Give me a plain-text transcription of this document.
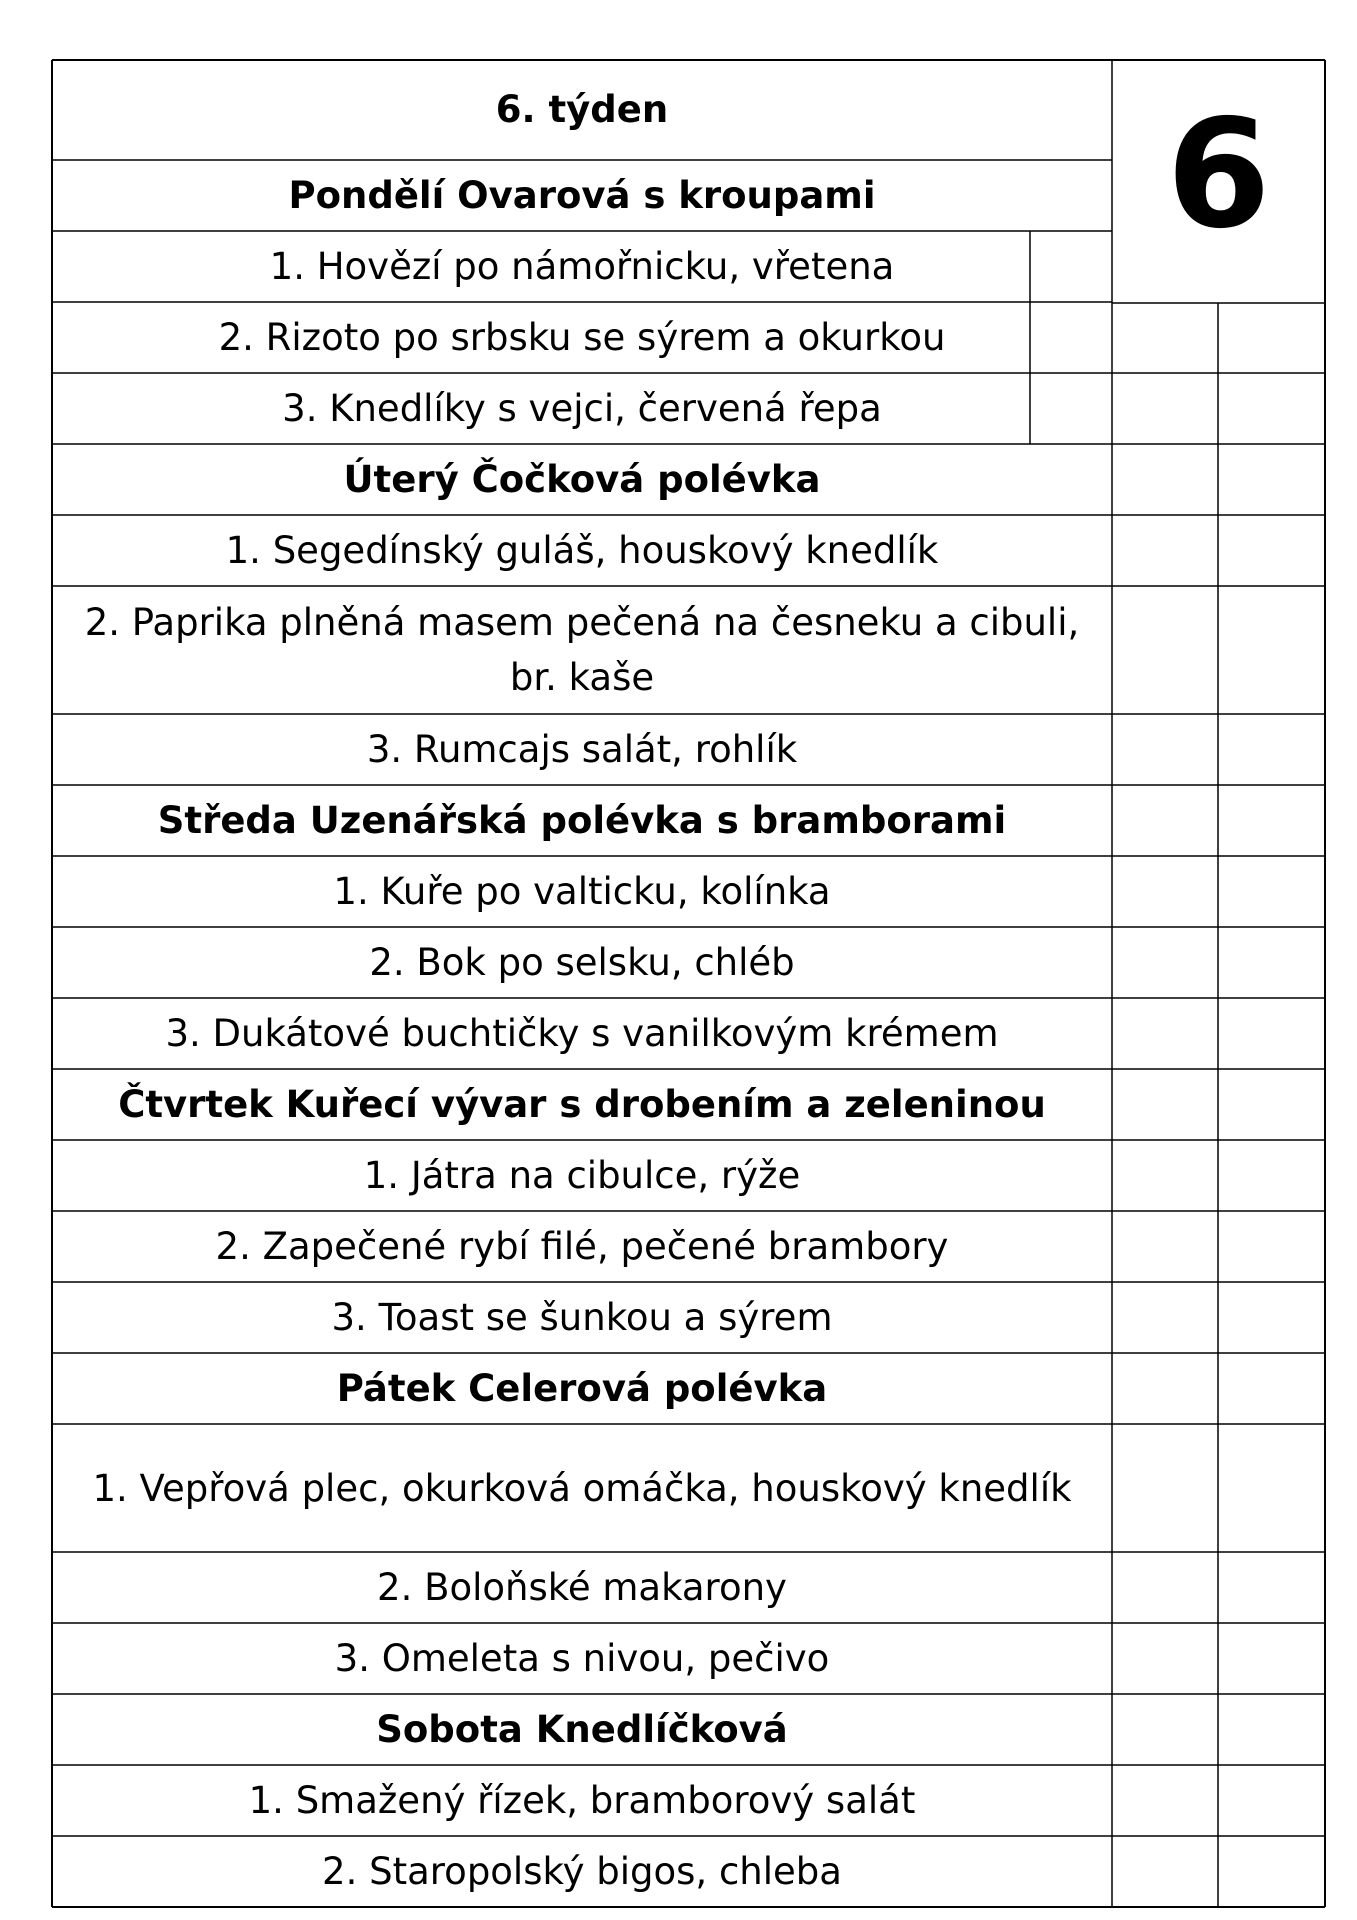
6. týden	6
Pondělí Ovarová s kroupami
1. Hovězí po námořnicku, vřetena
2. Rizoto po srbsku se sýrem a okurkou
3. Knedlíky s vejci, červená řepa
Úterý Čočková polévka
1. Segedínský guláš, houskový knedlík
2. Paprika plněná masem pečená na česneku a cibuli, br. kaše
3. Rumcajs salát, rohlík
Středa Uzenářská polévka s bramborami
1. Kuře po valticku, kolínka
2. Bok po selsku, chléb
3. Dukátové buchtičky s vanilkovým krémem
Čtvrtek Kuřecí vývar s drobením a zeleninou
1. Játra na cibulce, rýže
2. Zapečené rybí filé, pečené brambory
3. Toast se šunkou a sýrem
Pátek Celerová polévka
1. Vepřová plec, okurková omáčka, houskový knedlík
2. Boloňské makarony
3. Omeleta s nivou, pečivo
Sobota Knedlíčková
1. Smažený řízek, bramborový salát
2. Staropolský bigos, chleba
